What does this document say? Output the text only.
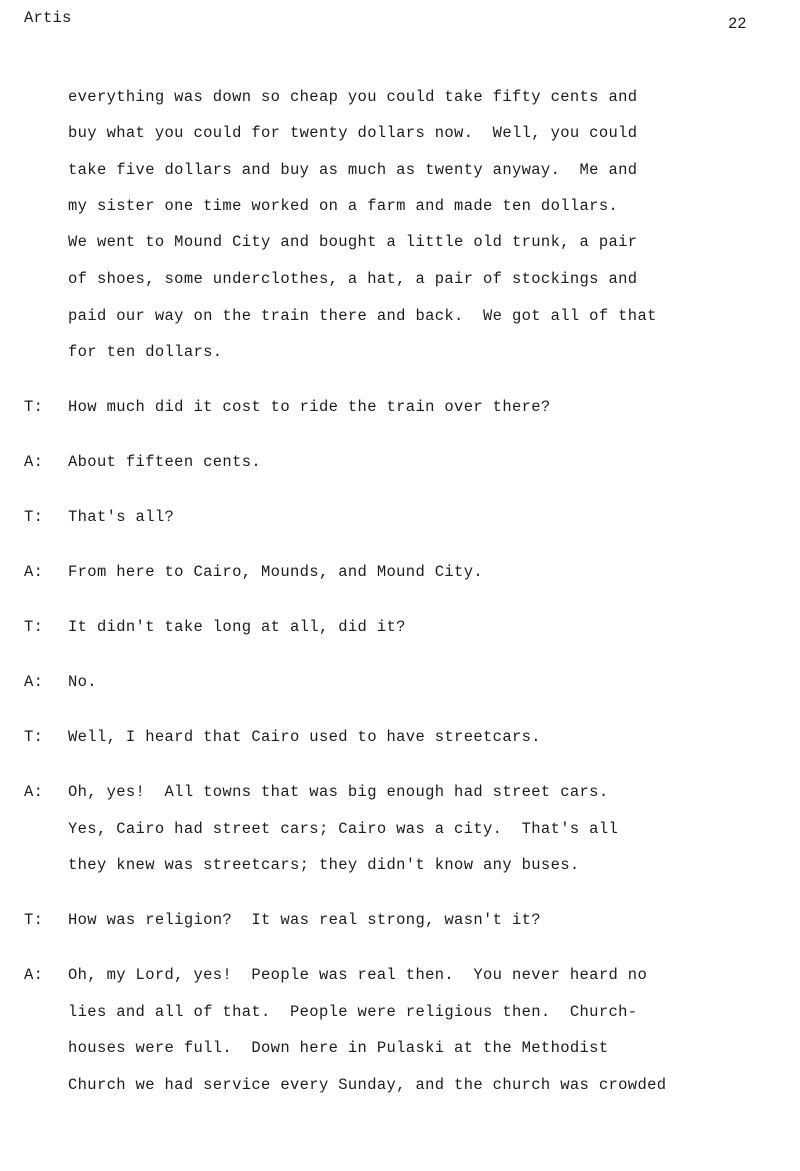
Artis	22
everything was down so cheap you could take fifty cents and
buy what you could for twenty dollars now.  Well, you could
take five dollars and buy as much as twenty anyway.  Me and
my sister one time worked on a farm and made ten dollars.
We went to Mound City and bought a little old trunk, a pair
of shoes, some underclothes, a hat, a pair of stockings and
paid our way on the train there and back.  We got all of that
for ten dollars.
T: How much did it cost to ride the train over there?
A: About fifteen cents.
T: That's all?
A: From here to Cairo, Mounds, and Mound City.
T: It didn't take long at all, did it?
A: No.
T: Well, I heard that Cairo used to have streetcars.
A: Oh, yes!  All towns that was big enough had street cars.
Yes, Cairo had street cars; Cairo was a city.  That's all
they knew was streetcars; they didn't know any buses.
T: How was religion?  It was real strong, wasn't it?
A: Oh, my Lord, yes!  People was real then.  You never heard no
lies and all of that.  People were religious then.  Church-
houses were full.  Down here in Pulaski at the Methodist
Church we had service every Sunday, and the church was crowded
